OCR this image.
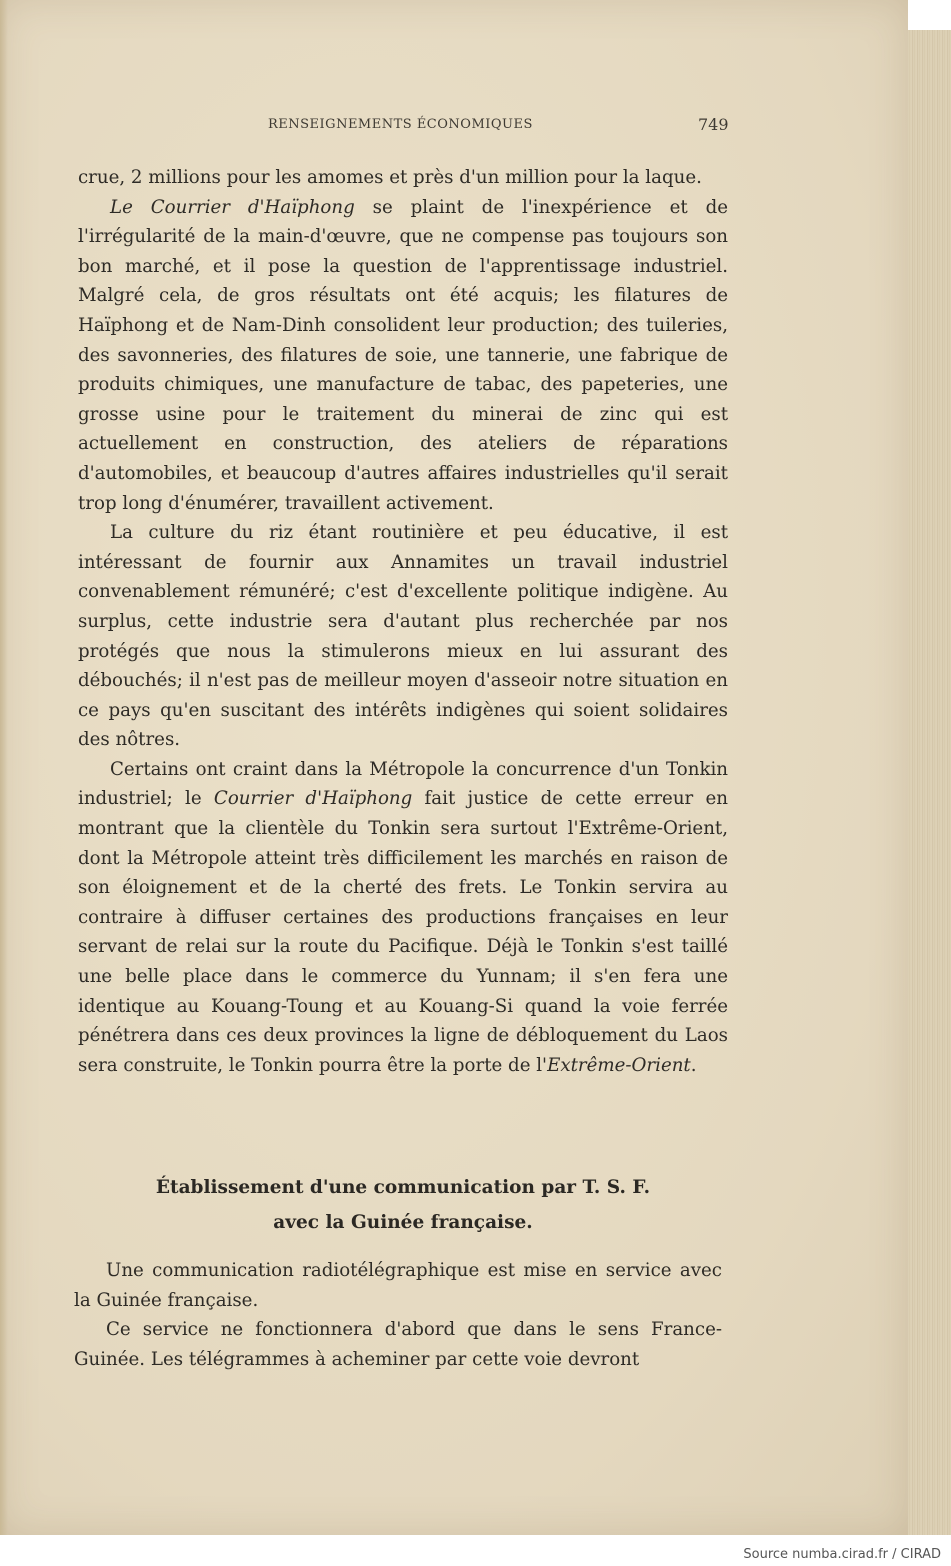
RENSEIGNEMENTS ÉCONOMIQUES	749

crue, 2 millions pour les amomes et près d'un million pour la laque.

Le Courrier d'Haïphong se plaint de l'inexpérience et de l'irrégularité de la main-d'œuvre, que ne compense pas toujours son bon marché, et il pose la question de l'apprentissage industriel. Malgré cela, de gros résultats ont été acquis; les filatures de Haïphong et de Nam-Dinh consolident leur production; des tuileries, des savonneries, des filatures de soie, une tannerie, une fabrique de produits chimiques, une manufacture de tabac, des papeteries, une grosse usine pour le traitement du minerai de zinc qui est actuellement en construction, des ateliers de réparations d'automobiles, et beaucoup d'autres affaires industrielles qu'il serait trop long d'énumérer, travaillent activement.

La culture du riz étant routinière et peu éducative, il est intéressant de fournir aux Annamites un travail industriel convenablement rémunéré; c'est d'excellente politique indigène. Au surplus, cette industrie sera d'autant plus recherchée par nos protégés que nous la stimulerons mieux en lui assurant des débouchés; il n'est pas de meilleur moyen d'asseoir notre situation en ce pays qu'en suscitant des intérêts indigènes qui soient solidaires des nôtres.

Certains ont craint dans la Métropole la concurrence d'un Tonkin industriel; le Courrier d'Haïphong fait justice de cette erreur en montrant que la clientèle du Tonkin sera surtout l'Extrême-Orient, dont la Métropole atteint très difficilement les marchés en raison de son éloignement et de la cherté des frets. Le Tonkin servira au contraire à diffuser certaines des productions françaises en leur servant de relai sur la route du Pacifique. Déjà le Tonkin s'est taillé une belle place dans le commerce du Yunnam; il s'en fera une identique au Kouang-Toung et au Kouang-Si quand la voie ferrée pénétrera dans ces deux provinces la ligne de débloquement du Laos sera construite, le Tonkin pourra être la porte de l'Extrême-Orient.

Établissement d'une communication par T. S. F.
avec la Guinée française.

Une communication radiotélégraphique est mise en service avec la Guinée française.

Ce service ne fonctionnera d'abord que dans le sens France-Guinée. Les télégrammes à acheminer par cette voie devront

Source numba.cirad.fr / CIRAD
